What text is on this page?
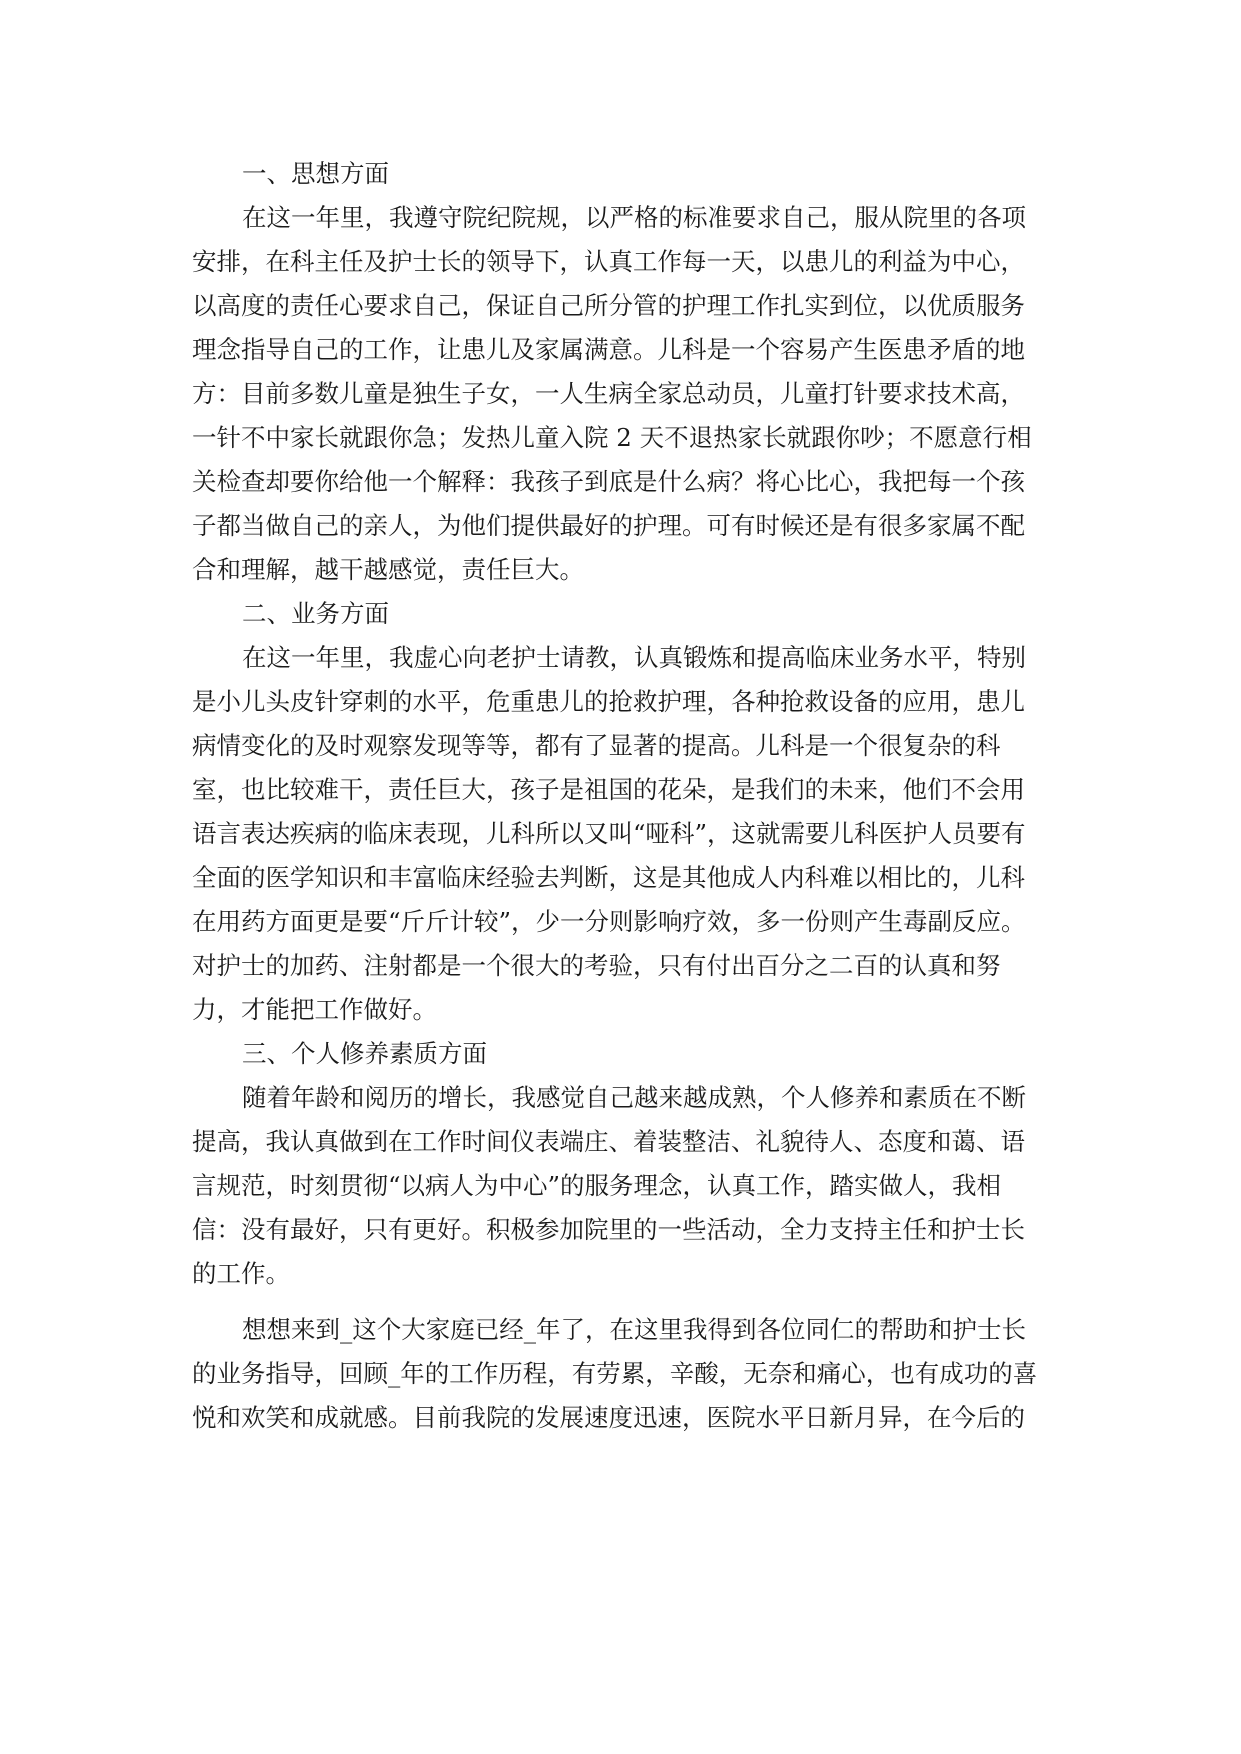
一、思想方面
在这一年里，我遵守院纪院规，以严格的标准要求自己，服从院里的各项
安排，在科主任及护士长的领导下，认真工作每一天，以患儿的利益为中心，
以高度的责任心要求自己，保证自己所分管的护理工作扎实到位，以优质服务
理念指导自己的工作，让患儿及家属满意。儿科是一个容易产生医患矛盾的地
方：目前多数儿童是独生子女，一人生病全家总动员，儿童打针要求技术高，
一针不中家长就跟你急；发热儿童入院 2 天不退热家长就跟你吵；不愿意行相
关检查却要你给他一个解释：我孩子到底是什么病？将心比心，我把每一个孩
子都当做自己的亲人，为他们提供最好的护理。可有时候还是有很多家属不配
合和理解，越干越感觉，责任巨大。
二、业务方面
在这一年里，我虚心向老护士请教，认真锻炼和提高临床业务水平，特别
是小儿头皮针穿刺的水平，危重患儿的抢救护理，各种抢救设备的应用，患儿
病情变化的及时观察发现等等，都有了显著的提高。儿科是一个很复杂的科
室，也比较难干，责任巨大，孩子是祖国的花朵，是我们的未来，他们不会用
语言表达疾病的临床表现，儿科所以又叫“哑科”，这就需要儿科医护人员要有
全面的医学知识和丰富临床经验去判断，这是其他成人内科难以相比的，儿科
在用药方面更是要“斤斤计较”，少一分则影响疗效，多一份则产生毒副反应。
对护士的加药、注射都是一个很大的考验，只有付出百分之二百的认真和努
力，才能把工作做好。
三、个人修养素质方面
随着年龄和阅历的增长，我感觉自己越来越成熟，个人修养和素质在不断
提高，我认真做到在工作时间仪表端庄、着装整洁、礼貌待人、态度和蔼、语
言规范，时刻贯彻“以病人为中心”的服务理念，认真工作，踏实做人，我相
信：没有最好，只有更好。积极参加院里的一些活动，全力支持主任和护士长
的工作。
想想来到_这个大家庭已经_年了，在这里我得到各位同仁的帮助和护士长
的业务指导，回顾_年的工作历程，有劳累，辛酸，无奈和痛心，也有成功的喜
悦和欢笑和成就感。目前我院的发展速度迅速，医院水平日新月异，在今后的
